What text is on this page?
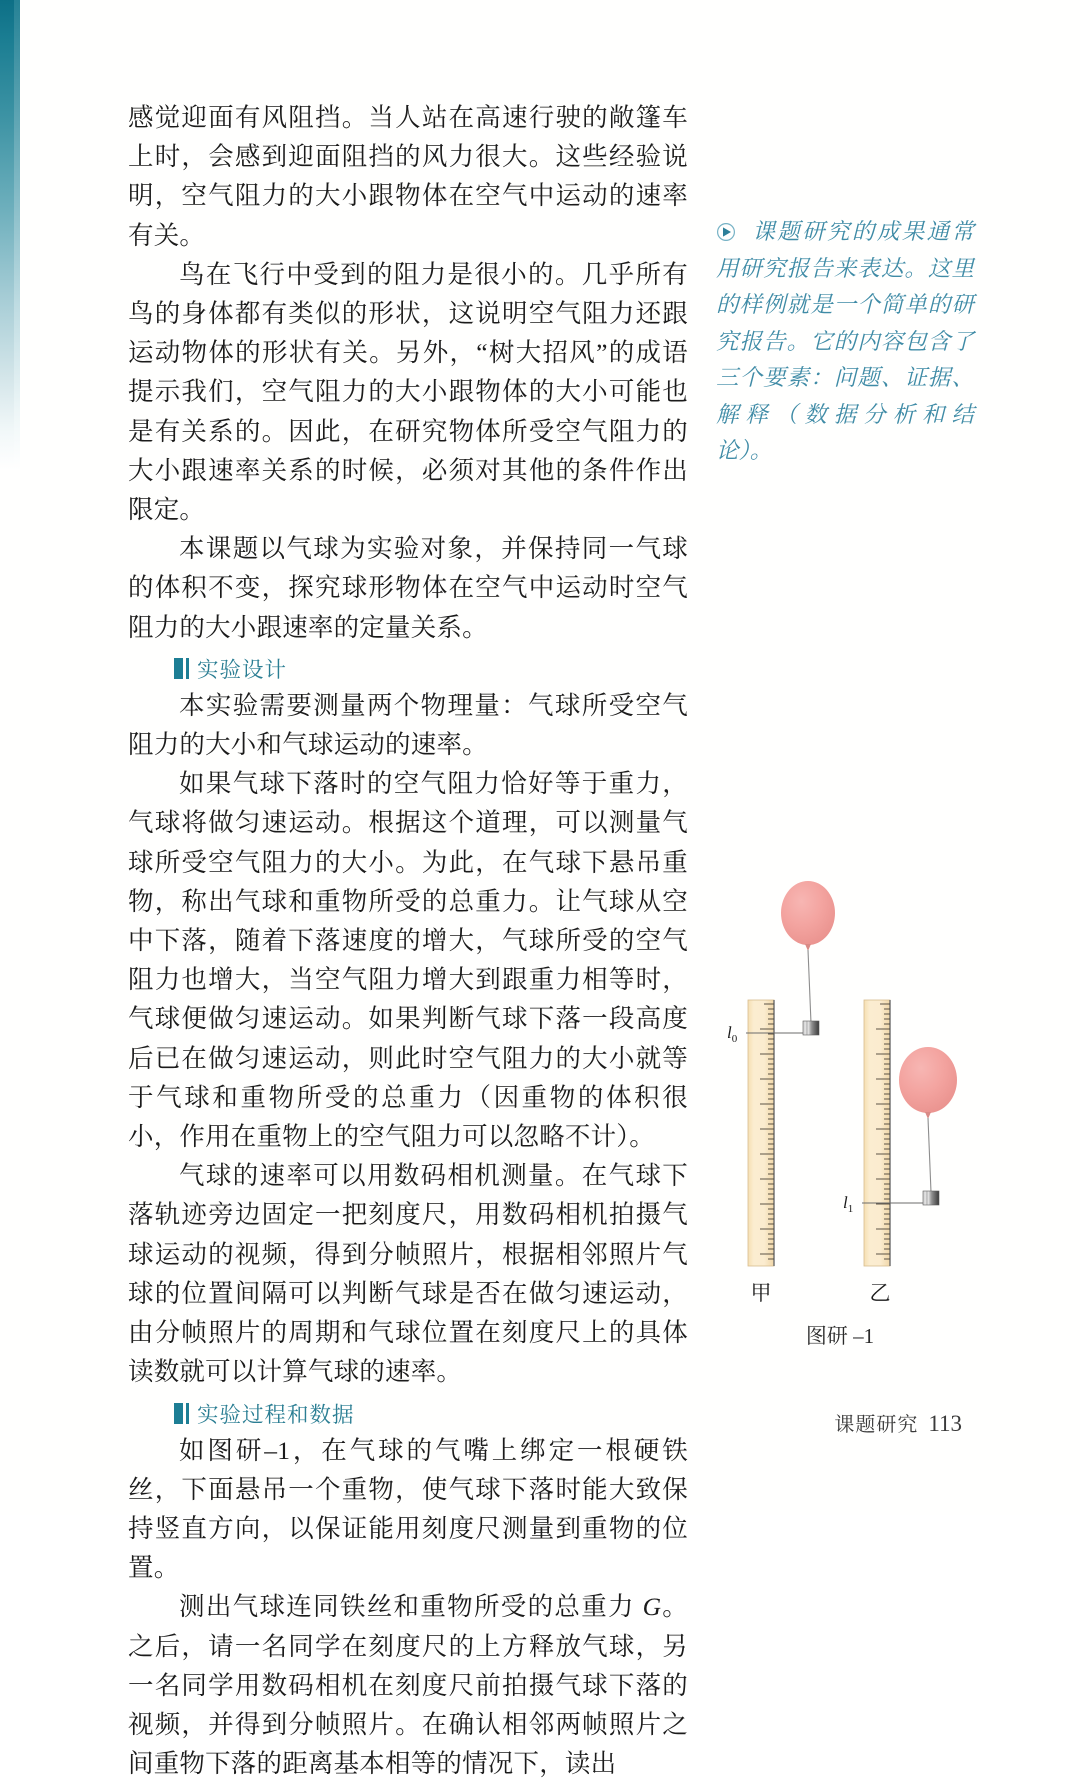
感觉迎面有风阻挡。当人站在高速行驶的敞篷车上时，会感到迎面阻挡的风力很大。这些经验说明，空气阻力的大小跟物体在空气中运动的速率有关。

鸟在飞行中受到的阻力是很小的。几乎所有鸟的身体都有类似的形状，这说明空气阻力还跟运动物体的形状有关。另外，“树大招风”的成语提示我们，空气阻力的大小跟物体的大小可能也是有关系的。因此，在研究物体所受空气阻力的大小跟速率关系的时候，必须对其他的条件作出限定。

本课题以气球为实验对象，并保持同一气球的体积不变，探究球形物体在空气中运动时空气阻力的大小跟速率的定量关系。

实验设计

本实验需要测量两个物理量：气球所受空气阻力的大小和气球运动的速率。

如果气球下落时的空气阻力恰好等于重力，气球将做匀速运动。根据这个道理，可以测量气球所受空气阻力的大小。为此，在气球下悬吊重物，称出气球和重物所受的总重力。让气球从空中下落，随着下落速度的增大，气球所受的空气阻力也增大，当空气阻力增大到跟重力相等时，气球便做匀速运动。如果判断气球下落一段高度后已在做匀速运动，则此时空气阻力的大小就等于气球和重物所受的总重力（因重物的体积很小，作用在重物上的空气阻力可以忽略不计）。

气球的速率可以用数码相机测量。在气球下落轨迹旁边固定一把刻度尺，用数码相机拍摄气球运动的视频，得到分帧照片，根据相邻照片气球的位置间隔可以判断气球是否在做匀速运动，由分帧照片的周期和气球位置在刻度尺上的具体读数就可以计算气球的速率。

实验过程和数据

如图研–1，在气球的气嘴上绑定一根硬铁丝，下面悬吊一个重物，使气球下落时能大致保持竖直方向，以保证能用刻度尺测量到重物的位置。

测出气球连同铁丝和重物所受的总重力 G。之后，请一名同学在刻度尺的上方释放气球，另一名同学用数码相机在刻度尺前拍摄气球下落的视频，并得到分帧照片。在确认相邻两帧照片之间重物下落的距离基本相等的情况下，读出

课题研究的成果通常用研究报告来表达。这里的样例就是一个简单的研究报告。它的内容包含了三个要素：问题、证据、解释（数据分析和结论）。
$l_0$
甲
$l_1$
乙
图研 –1
课题研究 113
